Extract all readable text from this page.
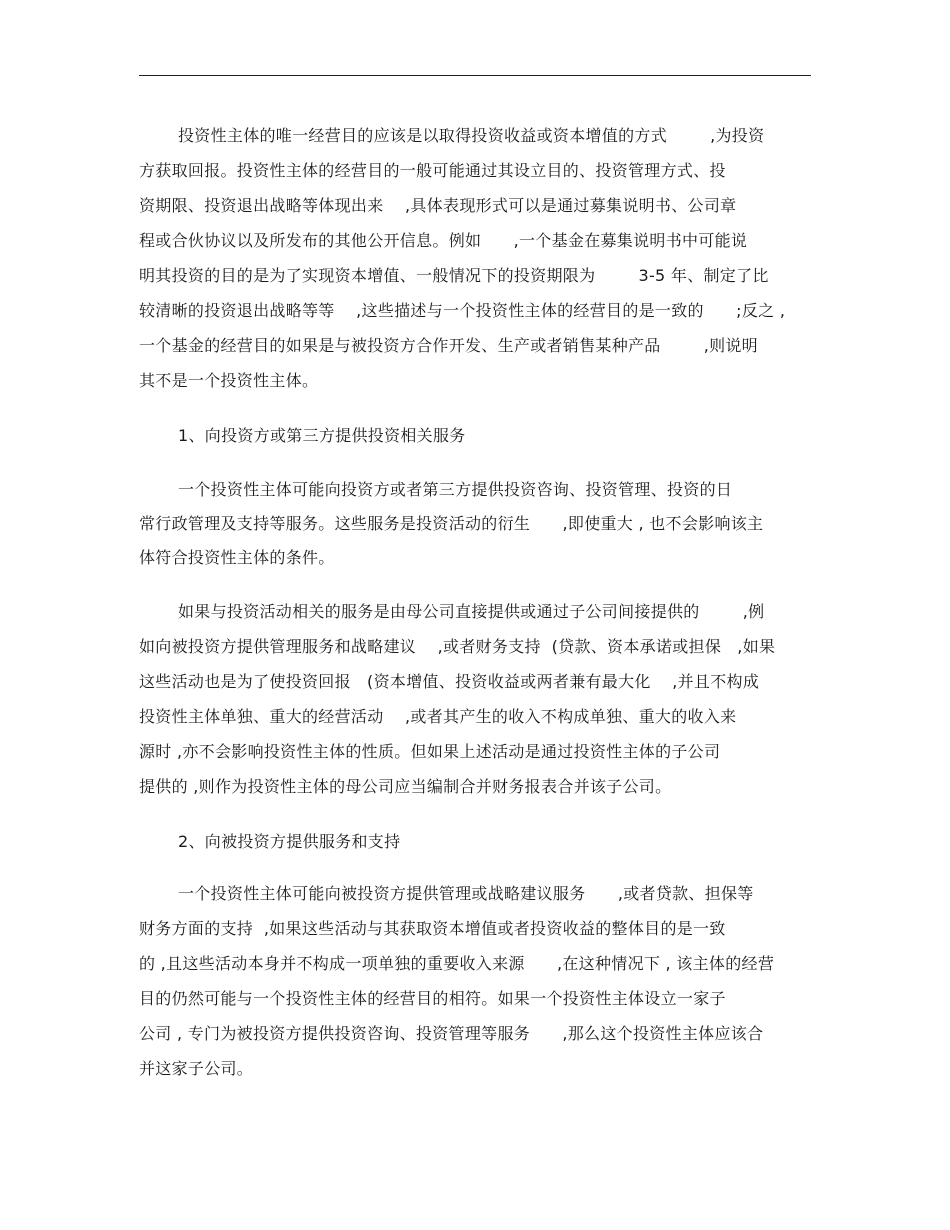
投资性主体的唯一经营目的应该是以取得投资收益或资本增值的方式        ,为投资
方获取回报。投资性主体的经营目的一般可能通过其设立目的、投资管理方式、投
资期限、投资退出战略等体现出来    ,具体表现形式可以是通过募集说明书、公司章
程或合伙协议以及所发布的其他公开信息。例如      ,一个基金在募集说明书中可能说
明其投资的目的是为了实现资本增值、一般情况下的投资期限为        3-5 年、制定了比
较清晰的投资退出战略等等    ,这些描述与一个投资性主体的经营目的是一致的      ;反之 ,
一个基金的经营目的如果是与被投资方合作开发、生产或者销售某种产品        ,则说明
其不是一个投资性主体。
1、向投资方或第三方提供投资相关服务
一个投资性主体可能向投资方或者第三方提供投资咨询、投资管理、投资的日
常行政管理及支持等服务。这些服务是投资活动的衍生      ,即使重大 , 也不会影响该主
体符合投资性主体的条件。
如果与投资活动相关的服务是由母公司直接提供或通过子公司间接提供的        ,例
如向被投资方提供管理服务和战略建议    ,或者财务支持  (贷款、资本承诺或担保   ,如果
这些活动也是为了使投资回报   (资本增值、投资收益或两者兼有最大化    ,并且不构成
投资性主体单独、重大的经营活动    ,或者其产生的收入不构成单独、重大的收入来
源时 ,亦不会影响投资性主体的性质。但如果上述活动是通过投资性主体的子公司
提供的 ,则作为投资性主体的母公司应当编制合并财务报表合并该子公司。
2、向被投资方提供服务和支持
一个投资性主体可能向被投资方提供管理或战略建议服务      ,或者贷款、担保等
财务方面的支持  ,如果这些活动与其获取资本增值或者投资收益的整体目的是一致
的 ,且这些活动本身并不构成一项单独的重要收入来源      ,在这种情况下 , 该主体的经营
目的仍然可能与一个投资性主体的经营目的相符。如果一个投资性主体设立一家子
公司 , 专门为被投资方提供投资咨询、投资管理等服务      ,那么这个投资性主体应该合
并这家子公司。
